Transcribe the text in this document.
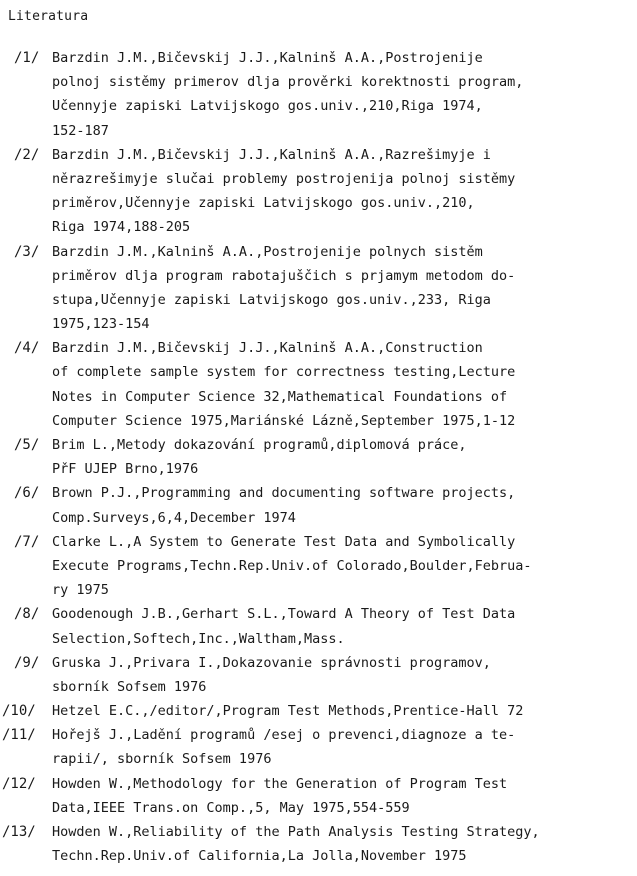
Literatura
/1/ Barzdin J.M.,Bičevskij J.J.,Kalninš A.A.,Postrojenije
polnoj sistěmy primerov dlja prověrki korektnosti program,
Učennyje zapiski Latvijskogo gos.univ.,210,Riga 1974,
152-187
/2/ Barzdin J.M.,Bičevskij J.J.,Kalninš A.A.,Razrešimyje i
něrazrešimyje slučai problemy postrojenija polnoj sistěmy
priměrov,Učennyje zapiski Latvijskogo gos.univ.,210,
Riga 1974,188-205
/3/ Barzdin J.M.,Kalninš A.A.,Postrojenije polnych sistěm
priměrov dlja program rabotajuščich s prjamym metodom do-
stupa,Učennyje zapiski Latvijskogo gos.univ.,233, Riga
1975,123-154
/4/ Barzdin J.M.,Bičevskij J.J.,Kalninš A.A.,Construction
of complete sample system for correctness testing,Lecture
Notes in Computer Science 32,Mathematical Foundations of
Computer Science 1975,Mariánské Lázně,September 1975,1-12
/5/ Brim L.,Metody dokazování programů,diplomová práce,
PřF UJEP Brno,1976
/6/ Brown P.J.,Programming and documenting software projects,
Comp.Surveys,6,4,December 1974
/7/ Clarke L.,A System to Generate Test Data and Symbolically
Execute Programs,Techn.Rep.Univ.of Colorado,Boulder,Februa-
ry 1975
/8/ Goodenough J.B.,Gerhart S.L.,Toward A Theory of Test Data
Selection,Softech,Inc.,Waltham,Mass.
/9/ Gruska J.,Privara I.,Dokazovanie správnosti programov,
sborník Sofsem 1976
/10/ Hetzel E.C.,/editor/,Program Test Methods,Prentice-Hall 72
/11/ Hořejš J.,Ladění programů /esej o prevenci,diagnoze a te-
rapii/, sborník Sofsem 1976
/12/ Howden W.,Methodology for the Generation of Program Test
Data,IEEE Trans.on Comp.,5, May 1975,554-559
/13/ Howden W.,Reliability of the Path Analysis Testing Strategy,
Techn.Rep.Univ.of California,La Jolla,November 1975
